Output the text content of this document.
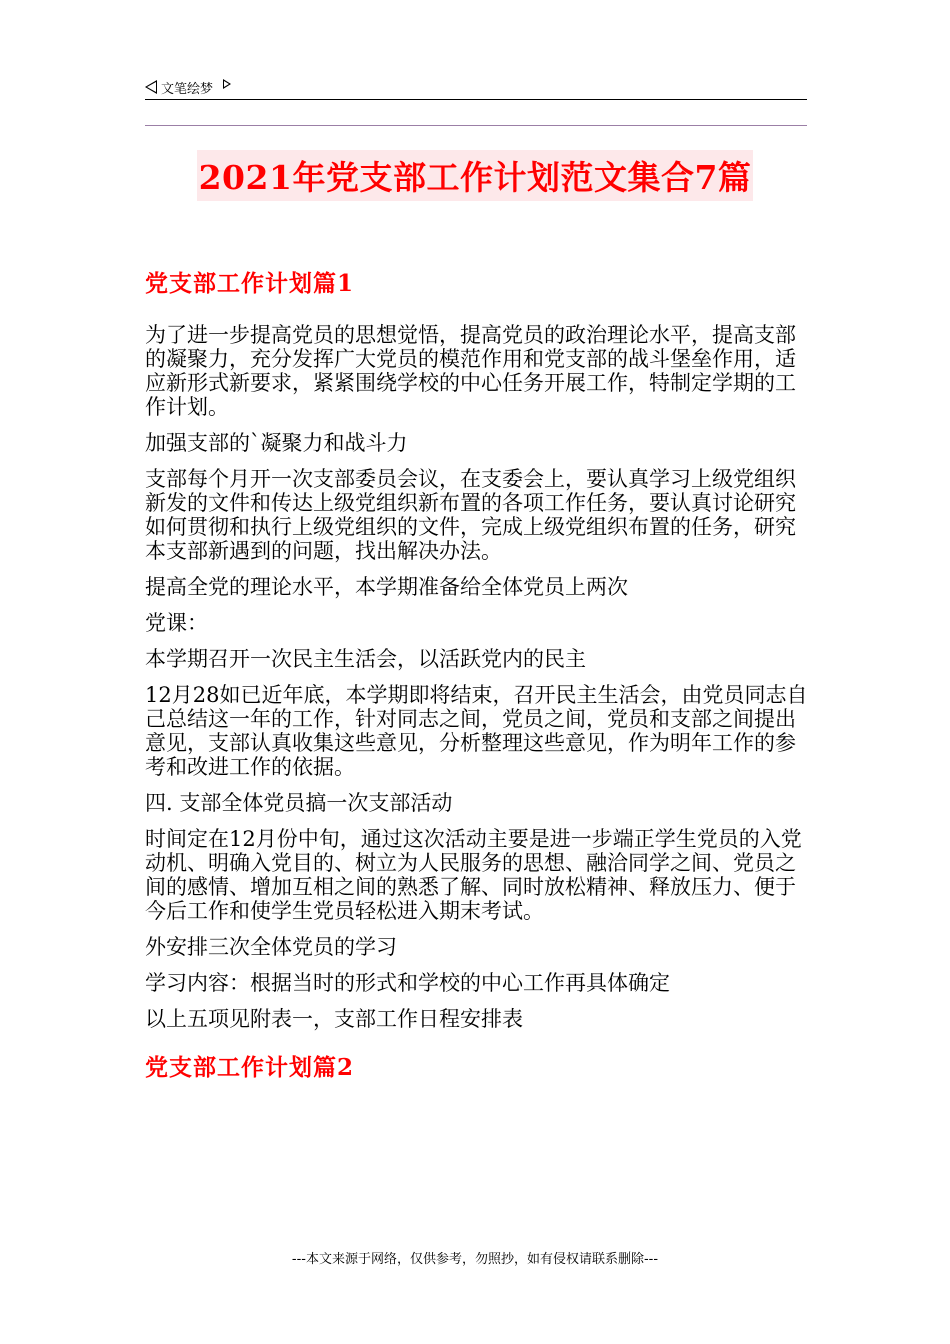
文笔绘梦
2021年党支部工作计划范文集合7篇
党支部工作计划篇1

为了进一步提高党员的思想觉悟，提高党员的政治理论水平，提高支部的凝聚力，充分发挥广大党员的模范作用和党支部的战斗堡垒作用，适应新形式新要求，紧紧围绕学校的中心任务开展工作，特制定学期的工作计划。

加强支部的`凝聚力和战斗力

支部每个月开一次支部委员会议，在支委会上，要认真学习上级党组织新发的文件和传达上级党组织新布置的各项工作任务，要认真讨论研究如何贯彻和执行上级党组织的文件，完成上级党组织布置的任务，研究本支部新遇到的问题，找出解决办法。

提高全党的理论水平，本学期准备给全体党员上两次

党课：

本学期召开一次民主生活会，以活跃党内的民主

12月28如已近年底，本学期即将结束，召开民主生活会，由党员同志自己总结这一年的工作，针对同志之间，党员之间，党员和支部之间提出意见，支部认真收集这些意见，分析整理这些意见，作为明年工作的参考和改进工作的依据。

四. 支部全体党员搞一次支部活动

时间定在12月份中旬，通过这次活动主要是进一步端正学生党员的入党动机、明确入党目的、树立为人民服务的思想、融洽同学之间、党员之间的感情、增加互相之间的熟悉了解、同时放松精神、释放压力、便于今后工作和使学生党员轻松进入期末考试。

外安排三次全体党员的学习

学习内容：根据当时的形式和学校的中心工作再具体确定

以上五项见附表一，支部工作日程安排表

党支部工作计划篇2
---本文来源于网络，仅供参考，勿照抄，如有侵权请联系删除---
